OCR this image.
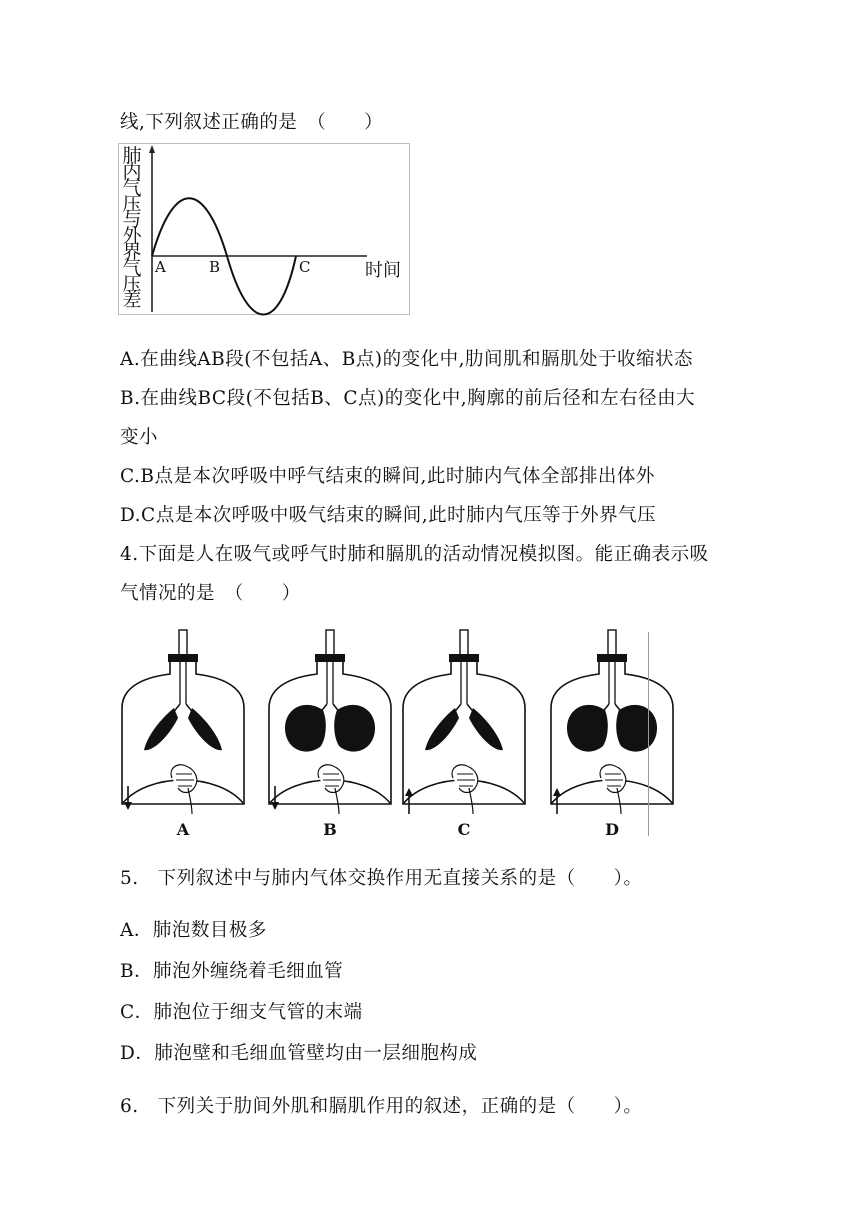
线,下列叙述正确的是　（　　）
肺
内
气
压
与
外
界
气
压
差
A	B	C	时间
A.在曲线AB段(不包括A、B点)的变化中,肋间肌和膈肌处于收缩状态
B.在曲线BC段(不包括B、C点)的变化中,胸廓的前后径和左右径由大
变小
C.B点是本次呼吸中呼气结束的瞬间,此时肺内气体全部排出体外
D.C点是本次呼吸中吸气结束的瞬间,此时肺内气压等于外界气压
4.下面是人在吸气或呼气时肺和膈肌的活动情况模拟图。能正确表示吸
气情况的是　（　　）
A	B	C	D
5.　下列叙述中与肺内气体交换作用无直接关系的是（　　）。
A．肺泡数目极多
B．肺泡外缠绕着毛细血管
C．肺泡位于细支气管的末端
D．肺泡壁和毛细血管壁均由一层细胞构成
6.　下列关于肋间外肌和膈肌作用的叙述，正确的是（　　）。
